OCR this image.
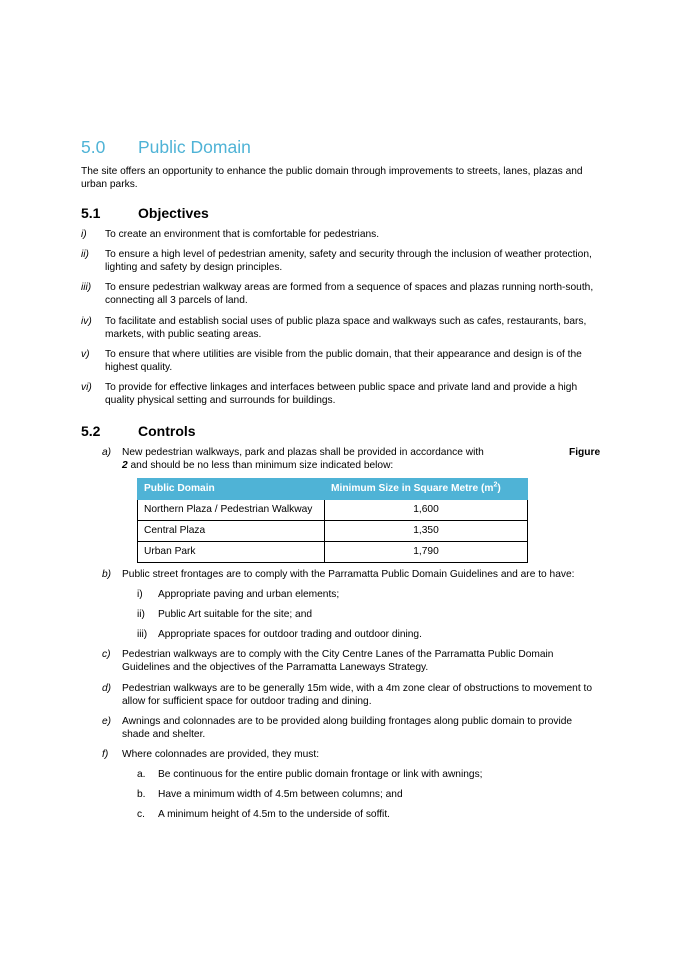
5.0 Public Domain
The site offers an opportunity to enhance the public domain through improvements to streets, lanes, plazas and urban parks.
5.1	Objectives
i) To create an environment that is comfortable for pedestrians.
ii) To ensure a high level of pedestrian amenity, safety and security through the inclusion of weather protection,
lighting and safety by design principles.
iii) To ensure pedestrian walkway areas are formed from a sequence of spaces and plazas running north-south,
connecting all 3 parcels of land.
iv) To facilitate and establish social uses of public plaza space and walkways such as cafes, restaurants, bars,
markets, with public seating areas.
v) To ensure that where utilities are visible from the public domain, that their appearance and design is of the
highest quality.
vi) To provide for effective linkages and interfaces between public space and private land and provide a high
quality physical setting and surrounds for buildings.
5.2	Controls
a) New pedestrian walkways, park and plazas shall be provided in accordance with	Figure
2 and should be no less than minimum size indicated below:
Public Domain	Minimum Size in Square Metre $(m^2)$
Northern Plaza / Pedestrian Walkway	1,600
Central Plaza	1,350
Urban Park	1,790
b) Public street frontages are to comply with the Parramatta Public Domain Guidelines and are to have:
i) Appropriate paving and urban elements;
ii) Public Art suitable for the site; and
iii) Appropriate spaces for outdoor trading and outdoor dining.
c) Pedestrian walkways are to comply with the City Centre Lanes of the Parramatta Public Domain
Guidelines and the objectives of the Parramatta Laneways Strategy.
d) Pedestrian walkways are to be generally 15m wide, with a 4m zone clear of obstructions to movement to
allow for sufficient space for outdoor trading and dining.
e) Awnings and colonnades are to be provided along building frontages along public domain to provide
shade and shelter.
f) Where colonnades are provided, they must:
a. Be continuous for the entire public domain frontage or link with awnings;
b. Have a minimum width of 4.5m between columns; and
c. A minimum height of 4.5m to the underside of soffit.
